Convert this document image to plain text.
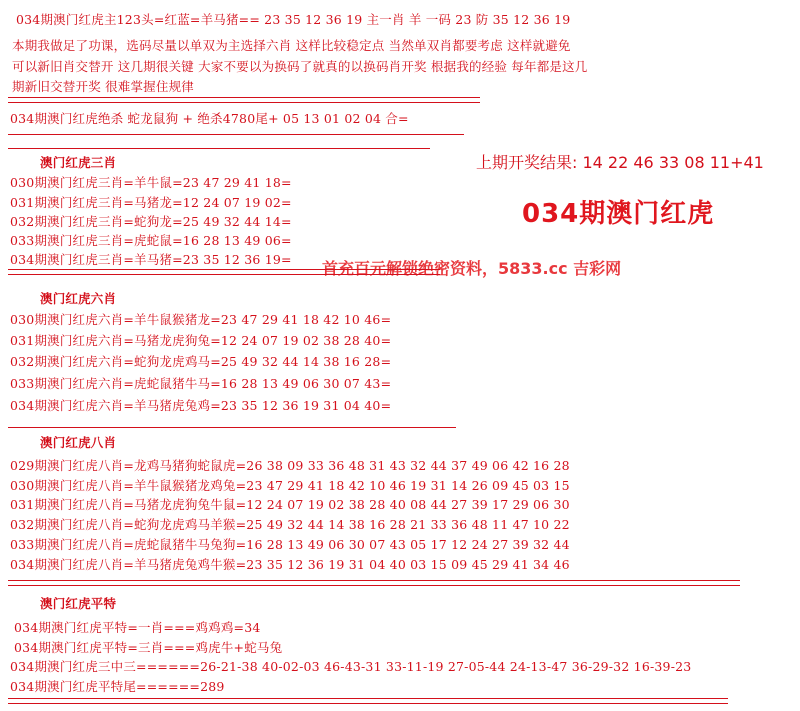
034期澳门红虎主123头=红蓝=羊马猪== 23 35 12 36 19 主一肖 羊 一码 23 防 35 12 36 19
本期我做足了功课，选码尽量以单双为主选择六肖 这样比较稳定点 当然单双肖都要考虑 这样就避免
可以新旧肖交替开 这几期很关键 大家不要以为换码了就真的以换码肖开奖 根据我的经验 每年都是这几
期新旧交替开奖 很难掌握住规律
034期澳门红虎绝杀 蛇龙鼠狗 + 绝杀4780尾+ 05 13 01 02 04 合=
上期开奖结果: 14 22 46 33 08 11+41
034期澳门红虎
首充百元解锁绝密资料，5833.cc 吉彩网
澳门红虎三肖
030期澳门红虎三肖=羊牛鼠=23 47 29 41 18=
031期澳门红虎三肖=马猪龙=12 24 07 19 02=
032期澳门红虎三肖=蛇狗龙=25 49 32 44 14=
033期澳门红虎三肖=虎蛇鼠=16 28 13 49 06=
034期澳门红虎三肖=羊马猪=23 35 12 36 19=
澳门红虎六肖
030期澳门红虎六肖=羊牛鼠猴猪龙=23 47 29 41 18 42 10 46=
031期澳门红虎六肖=马猪龙虎狗兔=12 24 07 19 02 38 28 40=
032期澳门红虎六肖=蛇狗龙虎鸡马=25 49 32 44 14 38 16 28=
033期澳门红虎六肖=虎蛇鼠猪牛马=16 28 13 49 06 30 07 43=
034期澳门红虎六肖=羊马猪虎兔鸡=23 35 12 36 19 31 04 40=
澳门红虎八肖
029期澳门红虎八肖=龙鸡马猪狗蛇鼠虎=26 38 09 33 36 48 31 43 32 44 37 49 06 42 16 28
030期澳门红虎八肖=羊牛鼠猴猪龙鸡兔=23 47 29 41 18 42 10 46 19 31 14 26 09 45 03 15
031期澳门红虎八肖=马猪龙虎狗兔牛鼠=12 24 07 19 02 38 28 40 08 44 27 39 17 29 06 30
032期澳门红虎八肖=蛇狗龙虎鸡马羊猴=25 49 32 44 14 38 16 28 21 33 36 48 11 47 10 22
033期澳门红虎八肖=虎蛇鼠猪牛马兔狗=16 28 13 49 06 30 07 43 05 17 12 24 27 39 32 44
034期澳门红虎八肖=羊马猪虎兔鸡牛猴=23 35 12 36 19 31 04 40 03 15 09 45 29 41 34 46
澳门红虎平特
034期澳门红虎平特=一肖===鸡鸡鸡=34
034期澳门红虎平特=三肖===鸡虎牛+蛇马兔
034期澳门红虎三中三======26-21-38 40-02-03 46-43-31 33-11-19 27-05-44 24-13-47 36-29-32 16-39-23
034期澳门红虎平特尾======289
